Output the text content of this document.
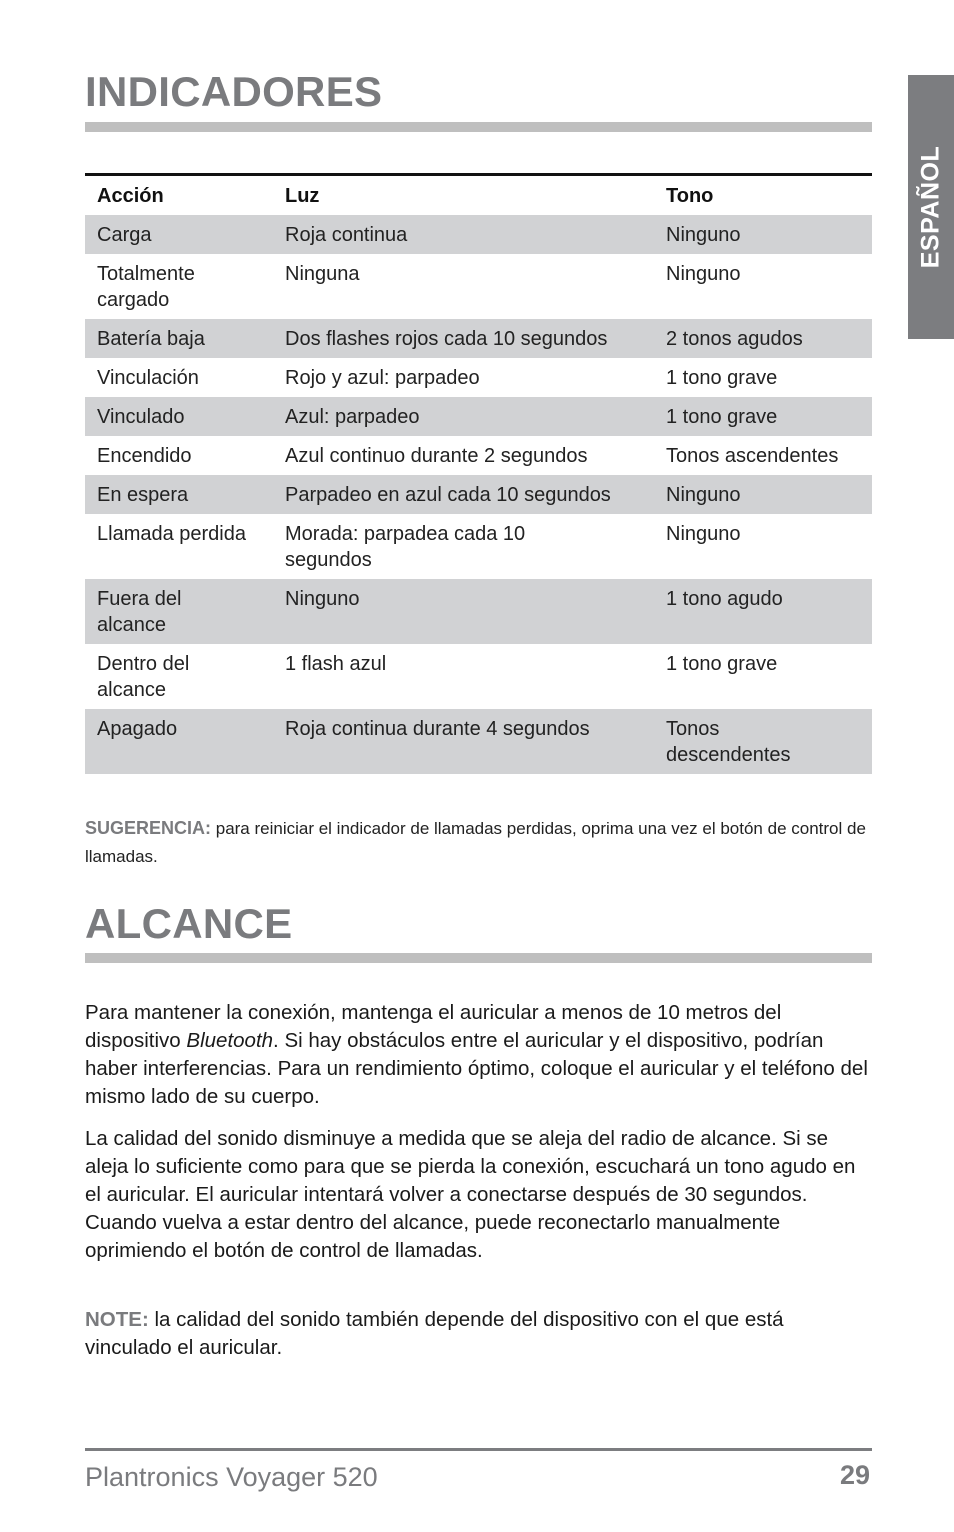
ESPAÑOL
INDICADORES
Acción	Luz	Tono
Carga	Roja continua	Ninguno
Totalmente cargado	Ninguna	Ninguno
Batería baja	Dos flashes rojos cada 10 segundos	2 tonos agudos
Vinculación	Rojo y azul: parpadeo	1 tono grave
Vinculado	Azul: parpadeo	1 tono grave
Encendido	Azul continuo durante 2 segundos	Tonos ascendentes
En espera	Parpadeo en azul cada 10 segundos	Ninguno
Llamada perdida	Morada: parpadea cada 10 segundos	Ninguno
Fuera del alcance	Ninguno	1 tono agudo
Dentro del alcance	1 flash azul	1 tono grave
Apagado	Roja continua durante 4 segundos	Tonos descendentes

SUGERENCIA: para reiniciar el indicador de llamadas perdidas, oprima una vez el botón de control de llamadas.

ALCANCE

Para mantener la conexión, mantenga el auricular a menos de 10 metros del dispositivo Bluetooth. Si hay obstáculos entre el auricular y el dispositivo, podrían haber interferencias. Para un rendimiento óptimo, coloque el auricular y el teléfono del mismo lado de su cuerpo.

La calidad del sonido disminuye a medida que se aleja del radio de alcance. Si se aleja lo suficiente como para que se pierda la conexión, escuchará un tono agudo en el auricular. El auricular intentará volver a conectarse después de 30 segundos. Cuando vuelva a estar dentro del alcance, puede reconectarlo manualmente oprimiendo el botón de control de llamadas.

NOTE: la calidad del sonido también depende del dispositivo con el que está vinculado el auricular.

Plantronics Voyager 520	29
